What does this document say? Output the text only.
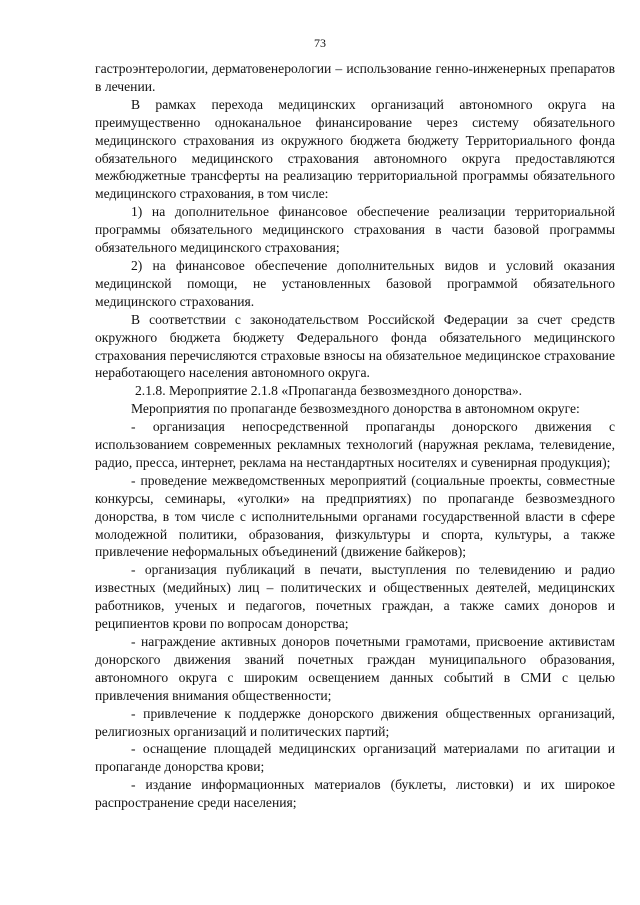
73

гастроэнтерологии, дерматовенерологии – использование генно-инженерных препаратов в лечении.

В рамках перехода медицинских организаций автономного округа на преимущественно одноканальное финансирование через систему обязательного медицинского страхования из окружного бюджета бюджету Территориального фонда обязательного медицинского страхования автономного округа предоставляются межбюджетные трансферты на реализацию территориальной программы обязательного медицинского страхования, в том числе:

1) на дополнительное финансовое обеспечение реализации территориальной программы обязательного медицинского страхования в части базовой программы обязательного медицинского страхования;

2) на финансовое обеспечение дополнительных видов и условий оказания медицинской помощи, не установленных базовой программой обязательного медицинского страхования.

В соответствии с законодательством Российской Федерации за счет средств окружного бюджета бюджету Федерального фонда обязательного медицинского страхования перечисляются страховые взносы на обязательное медицинское страхование неработающего населения автономного округа.

2.1.8. Мероприятие 2.1.8 «Пропаганда безвозмездного донорства».

Мероприятия по пропаганде безвозмездного донорства в автономном округе:

- организация непосредственной пропаганды донорского движения с использованием современных рекламных технологий (наружная реклама, телевидение, радио, пресса, интернет, реклама на нестандартных носителях и сувенирная продукция);

- проведение межведомственных мероприятий (социальные проекты, совместные конкурсы, семинары, «уголки» на предприятиях) по пропаганде безвозмездного донорства, в том числе с исполнительными органами государственной власти в сфере молодежной политики, образования, физкультуры и спорта, культуры, а также привлечение неформальных объединений (движение байкеров);

- организация публикаций в печати, выступления по телевидению и радио известных (медийных) лиц – политических и общественных деятелей, медицинских работников, ученых и педагогов, почетных граждан, а также самих доноров и реципиентов крови по вопросам донорства;

- награждение активных доноров почетными грамотами, присвоение активистам донорского движения званий почетных граждан муниципального образования, автономного округа с широким освещением данных событий в СМИ с целью привлечения внимания общественности;

- привлечение к поддержке донорского движения общественных организаций, религиозных организаций и политических партий;

- оснащение площадей медицинских организаций материалами по агитации и пропаганде донорства крови;

- издание информационных материалов (буклеты, листовки) и их широкое распространение среди населения;
